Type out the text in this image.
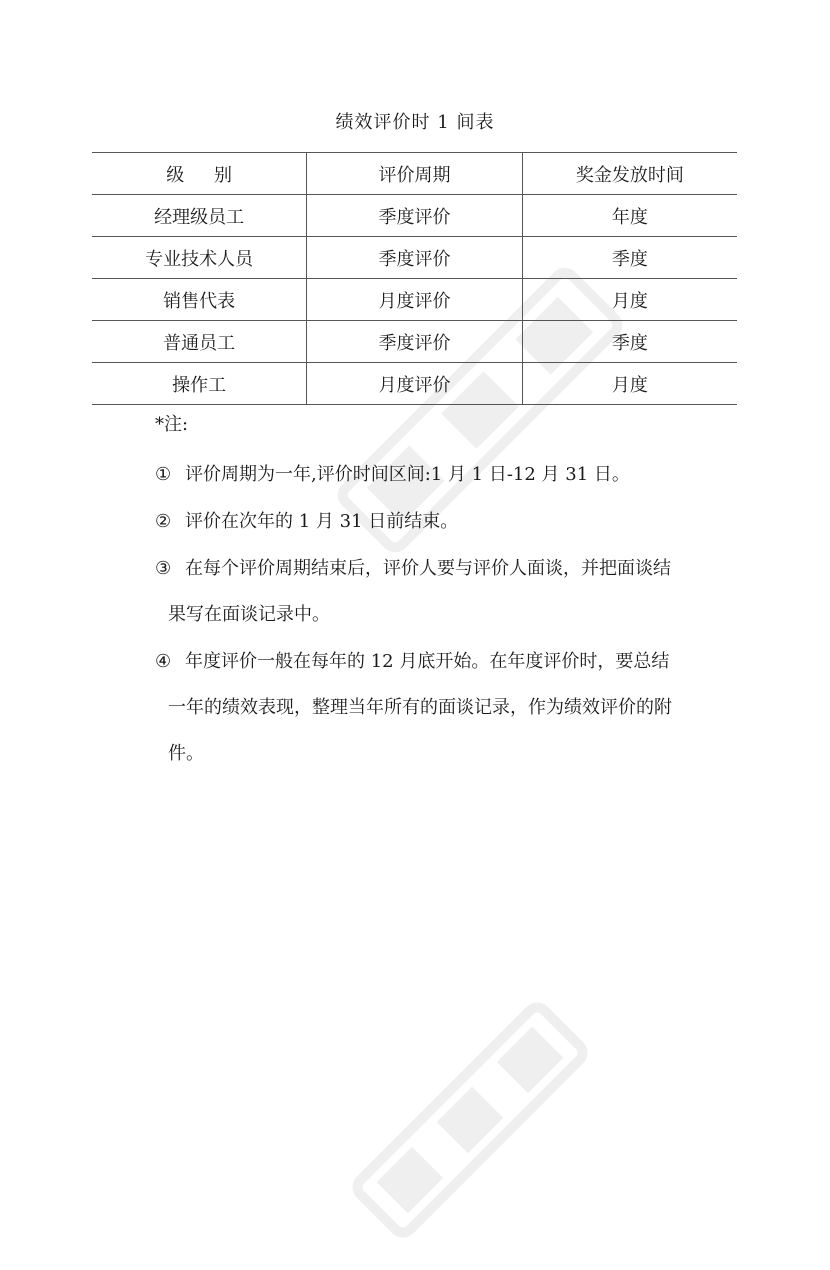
绩效评价时 1 间表
级 别	评价周期	奖金发放时间
经理级员工	季度评价	年度
专业技术人员	季度评价	季度
销售代表	月度评价	月度
普通员工	季度评价	季度
操作工	月度评价	月度
*注:
① 评价周期为一年,评价时间区间:1 月 1 日-12 月 31 日。
② 评价在次年的 1 月 31 日前结束。
③ 在每个评价周期结束后，评价人要与评价人面谈，并把面谈结
果写在面谈记录中。
④ 年度评价一般在每年的 12 月底开始。在年度评价时，要总结
一年的绩效表现，整理当年所有的面谈记录，作为绩效评价的附
件。
